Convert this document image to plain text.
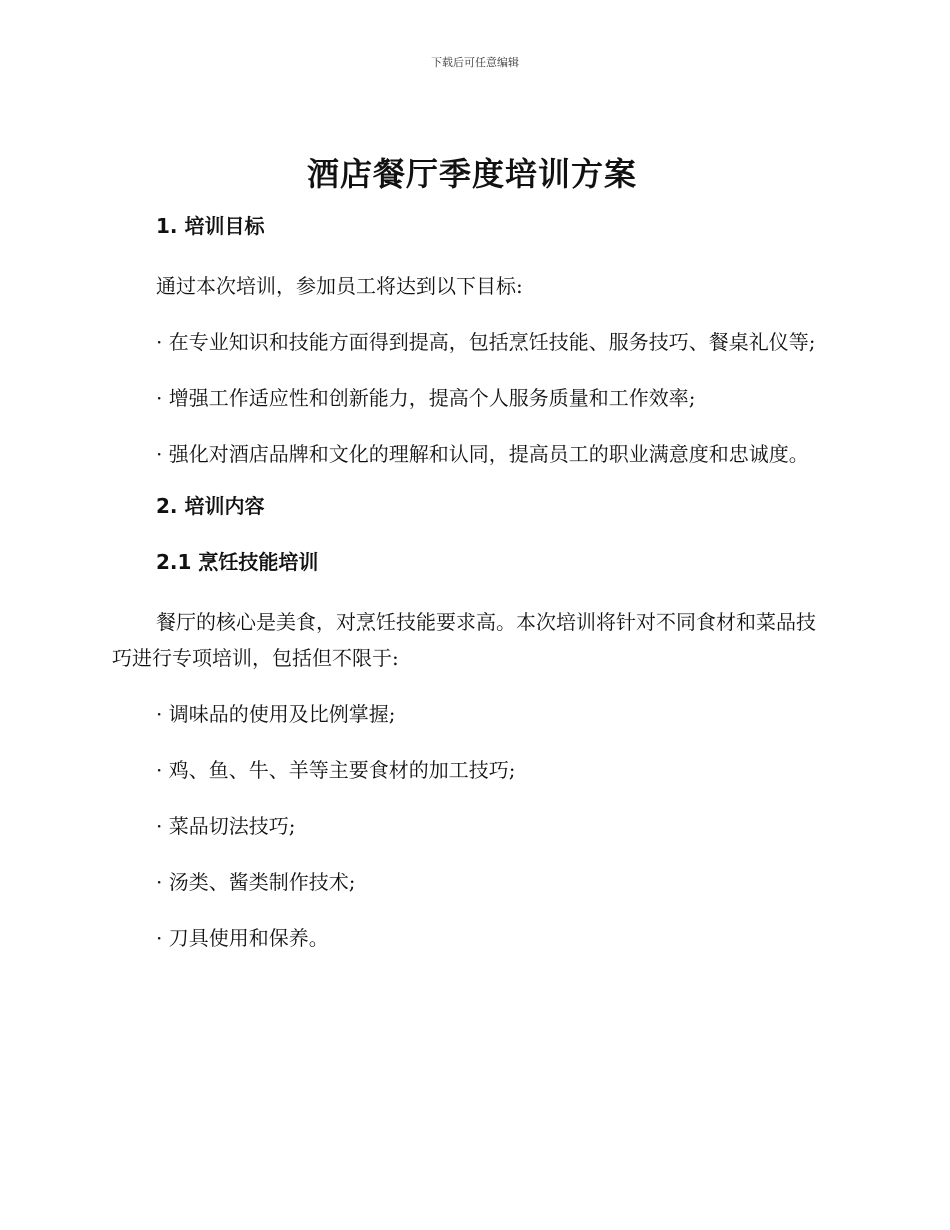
下载后可任意编辑
酒店餐厅季度培训方案
1. 培训目标

通过本次培训，参加员工将达到以下目标:

· 在专业知识和技能方面得到提高，包括烹饪技能、服务技巧、餐桌礼仪等;

· 增强工作适应性和创新能力，提高个人服务质量和工作效率;

· 强化对酒店品牌和文化的理解和认同，提高员工的职业满意度和忠诚度。

2. 培训内容
2.1 烹饪技能培训

餐厅的核心是美食，对烹饪技能要求高。本次培训将针对不同食材和菜品技巧进行专项培训，包括但不限于:

· 调味品的使用及比例掌握;

· 鸡、鱼、牛、羊等主要食材的加工技巧;

· 菜品切法技巧;

· 汤类、酱类制作技术;

· 刀具使用和保养。
